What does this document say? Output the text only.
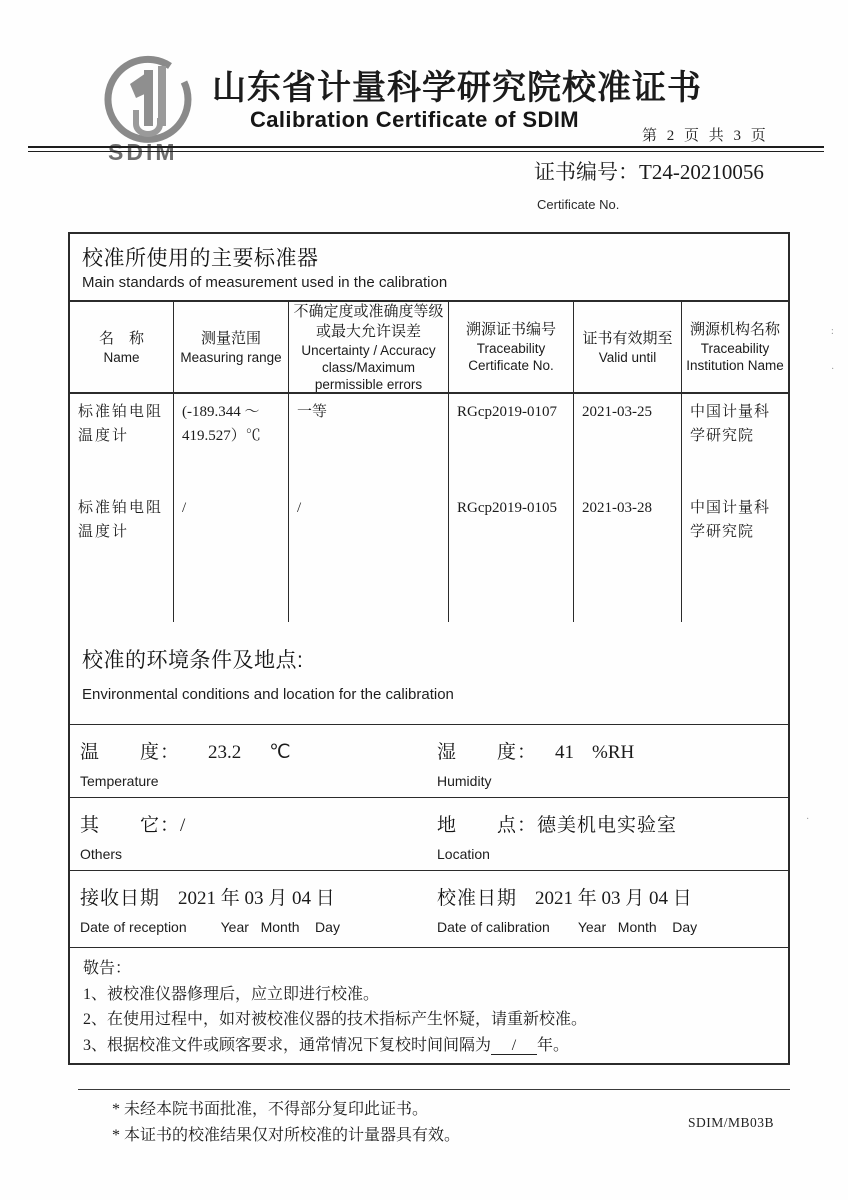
SDIM
山东省计量科学研究院校准证书
Calibration Certificate of SDIM
第 2 页 共 3 页
证书编号：T24-20210056
Certificate No.
校准所使用的主要标准器
Main standards of measurement used in the calibration
名　称
Name
测量范围
Measuring range
不确定度或准确度等级或最大允许误差
Uncertainty / Accuracy class/Maximum permissible errors
溯源证书编号
Traceability Certificate No.
证书有效期至
Valid until
溯源机构名称
Traceability Institution Name
标准铂电阻温度计
标准铂电阻温度计
(-189.344 ～ 419.527）℃
/
一等
/
RGcp2019-0107
RGcp2019-0105
2021-03-25
2021-03-28
中国计量科学研究院
中国计量科学研究院
校准的环境条件及地点:
Environmental conditions and location for the calibration
温　　度： 23.2 ℃
Temperature
湿　　度： 41 %RH
Humidity
其　　它：/
Others
地　　点：德美机电实验室
Location
接收日期 2021 年 03 月 04 日
Date of reception Year   Month    Day
校准日期 2021 年 03 月 04 日
Date of calibration Year   Month    Day
敬告：
1、被校准仪器修理后，应立即进行校准。
2、在使用过程中，如对被校准仪器的技术指标产生怀疑，请重新校准。
3、根据校准文件或顾客要求，通常情况下复校时间间隔为 / 年。
* 未经本院书面批准，不得部分复印此证书。
* 本证书的校准结果仅对所校准的计量器具有效。
SDIM/MB03B
:
·
·
